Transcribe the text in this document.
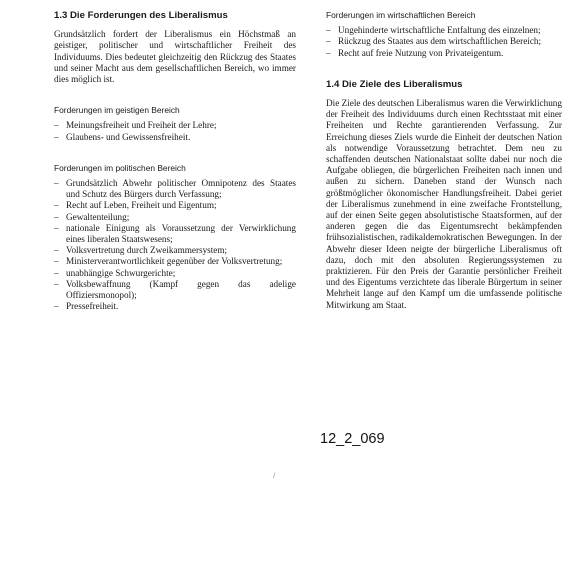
1.3 Die Forderungen des Liberalismus

Grundsätzlich fordert der Liberalismus ein Höchstmaß an geistiger, politischer und wirtschaftlicher Freiheit des Individuums. Dies bedeutet gleichzeitig den Rückzug des Staates und seiner Macht aus dem gesellschaftlichen Bereich, wo immer dies möglich ist.

Forderungen im geistigen Bereich
– Meinungsfreiheit und Freiheit der Lehre;
– Glaubens- und Gewissensfreiheit.
Forderungen im politischen Bereich
– Grundsätzlich Abwehr politischer Omnipotenz des Staates und Schutz des Bürgers durch Verfassung;
– Recht auf Leben, Freiheit und Eigentum;
– Gewaltenteilung;
– nationale Einigung als Voraussetzung der Verwirklichung eines liberalen Staatswesens;
– Volksvertretung durch Zweikammersystem;
– Ministerverantwortlichkeit gegenüber der Volksvertretung;
– unabhängige Schwurgerichte;
– Volksbewaffnung (Kampf gegen das adelige Offiziersmonopol);
– Pressefreiheit.
Forderungen im wirtschaftlichen Bereich
– Ungehinderte wirtschaftliche Entfaltung des einzelnen;
– Rückzug des Staates aus dem wirtschaftlichen Bereich;
– Recht auf freie Nutzung von Privateigentum.
1.4 Die Ziele des Liberalismus

Die Ziele des deutschen Liberalismus waren die Verwirklichung der Freiheit des Individuums durch einen Rechtsstaat mit einer Freiheiten und Rechte garantierenden Verfassung. Zur Erreichung dieses Ziels wurde die Einheit der deutschen Nation als notwendige Voraussetzung betrachtet. Dem neu zu schaffenden deutschen Nationalstaat sollte dabei nur noch die Aufgabe obliegen, die bürgerlichen Freiheiten nach innen und außen zu sichern. Daneben stand der Wunsch nach größtmöglicher ökonomischer Handlungsfreiheit. Dabei geriet der Liberalismus zunehmend in eine zweifache Frontstellung, auf der einen Seite gegen absolutistische Staatsformen, auf der anderen gegen die das Eigentumsrecht bekämpfenden frühsozialistischen, radikaldemokratischen Bewegungen. In der Abwehr dieser Ideen neigte der bürgerliche Liberalismus oft dazu, doch mit den absoluten Regierungssystemen zu praktizieren. Für den Preis der Garantie persönlicher Freiheit und des Eigentums verzichtete das liberale Bürgertum in seiner Mehrheit lange auf den Kampf um die umfassende politische Mitwirkung am Staat.

12_2_069
/
